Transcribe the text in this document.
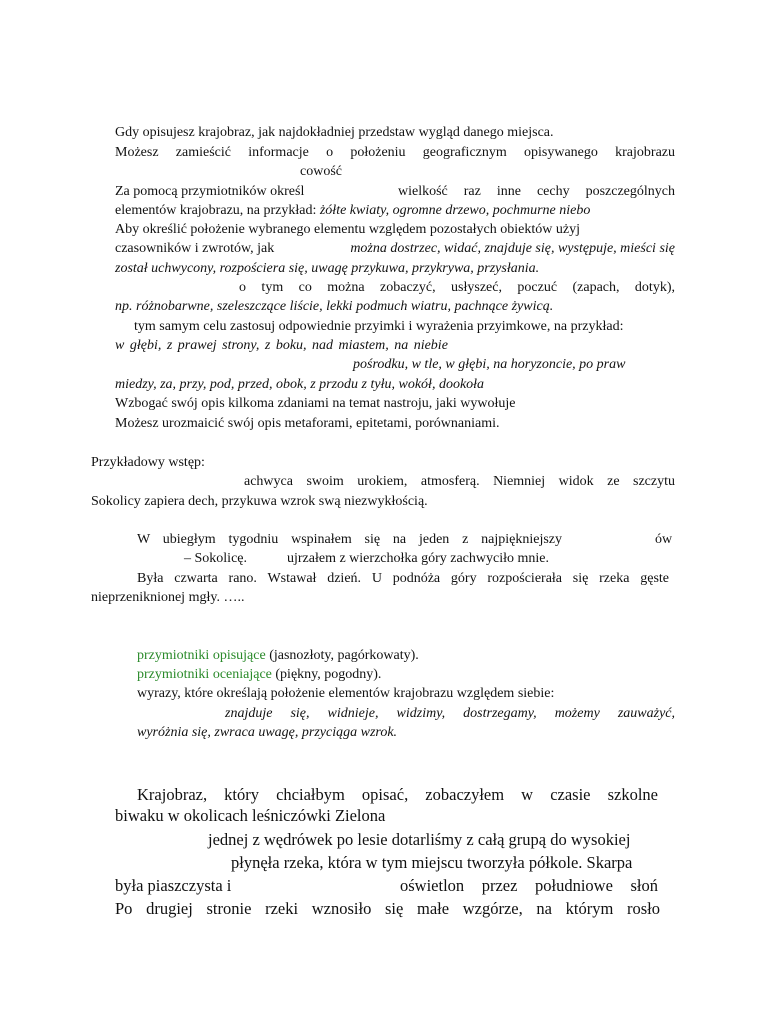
Gdy opisujesz krajobraz, jak najdokładniej przedstaw wygląd danego miejsca.

Możesz zamieścić informacje o położeniu geograficznym opisywanego krajobrazu

cowość

Za pomocą przymiotników określ	wielkość raz inne cechy poszczególnych

elementów krajobrazu, na przykład: żółte kwiaty, ogromne drzewo, pochmurne niebo

Aby określić położenie wybranego elementu względem pozostałych obiektów użyj

czasowników i zwrotów, jak	można dostrzec, widać, znajduje się, występuje, mieści się

został uchwycony, rozpościera się, uwagę przykuwa, przykrywa, przysłania.

o tym co można zobaczyć, usłyszeć, poczuć (zapach, dotyk),

np. różnobarwne, szeleszczące liście, lekki podmuch wiatru, pachnące żywicą.

tym samym celu zastosuj odpowiednie przyimki i wyrażenia przyimkowe, na przykład:

w głębi, z prawej strony, z boku, nad miastem, na niebie

pośrodku, w tle, w głębi, na horyzoncie, po praw

miedzy, za, przy, pod, przed, obok, z przodu z tyłu, wokół, dookoła

Wzbogać swój opis kilkoma zdaniami na temat nastroju, jaki wywołuje

Możesz urozmaicić swój opis metaforami, epitetami, porównaniami.

Przykładowy wstęp:

achwyca swoim urokiem, atmosferą. Niemniej widok ze szczytu

Sokolicy zapiera dech, przykuwa wzrok swą niezwykłością.

W ubiegłym tygodniu wspinałem się na jeden z najpiękniejszy	ów

– Sokolicę.	ujrzałem z wierzchołka góry zachwyciło mnie.

Była czwarta rano. Wstawał dzień. U podnóża góry rozpościerała się rzeka gęste

nieprzeniknionej mgły. …..

przymiotniki opisujące (jasnozłoty, pagórkowaty).

przymiotniki oceniające (piękny, pogodny).

wyrazy, które określają położenie elementów krajobrazu względem siebie:

znajduje się, widnieje, widzimy, dostrzegamy, możemy zauważyć,

wyróżnia się, zwraca uwagę, przyciąga wzrok.

Krajobraz, który chciałbym opisać, zobaczyłem w czasie szkolne

biwaku w okolicach leśniczówki Zielona

jednej z wędrówek po lesie dotarliśmy z całą grupą do wysokiej

płynęła rzeka, która w tym miejscu tworzyła półkole. Skarpa

była piaszczysta i	oświetlon przez południowe słoń

Po drugiej stronie rzeki wznosiło się małe wzgórze, na którym rosło
